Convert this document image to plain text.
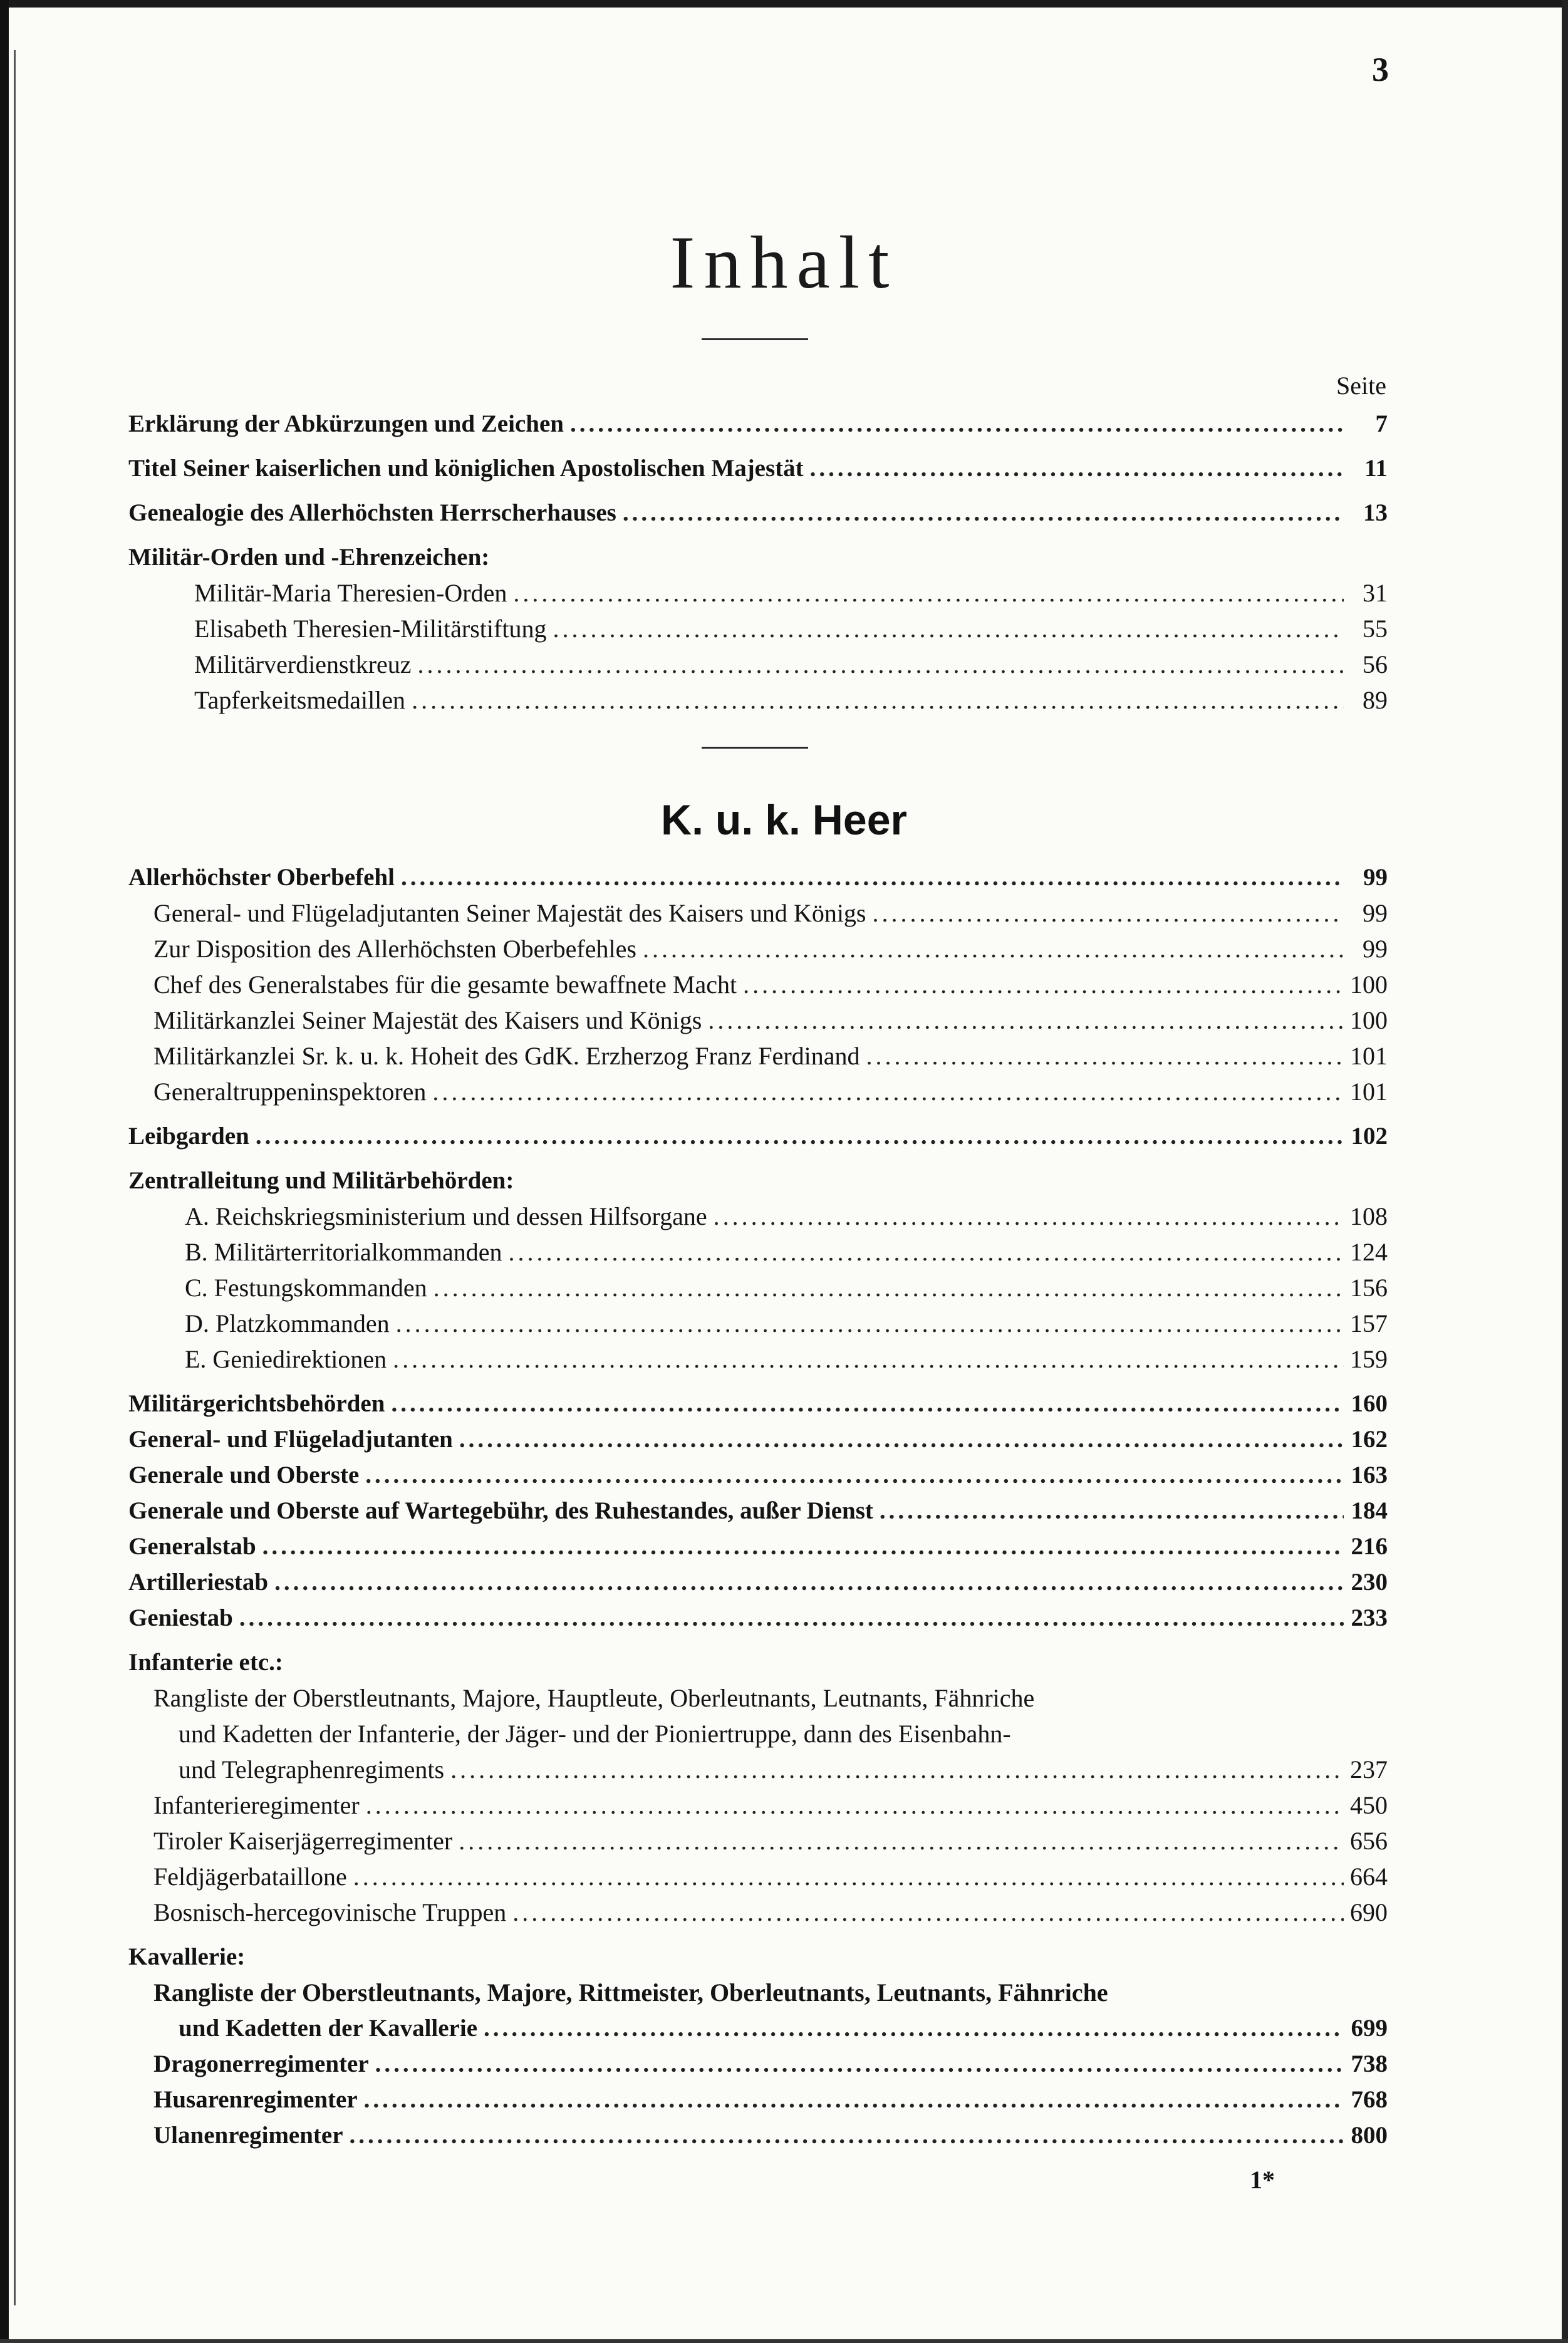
3
Inhalt
Seite
Erklärung der Abkürzungen und Zeichen .....	7
Titel Seiner kaiserlichen und königlichen Apostolischen Majestät .....	11
Genealogie des Allerhöchsten Herrscherhauses .....	13
Militär-Orden und -Ehrenzeichen:
Militär-Maria Theresien-Orden .....	31
Elisabeth Theresien-Militärstiftung .....	55
Militärverdienstkreuz .....	56
Tapferkeitsmedaillen .....	89
K. u. k. Heer
Allerhöchster Oberbefehl .....	99
General- und Flügeladjutanten Seiner Majestät des Kaisers und Königs .....	99
Zur Disposition des Allerhöchsten Oberbefehles .....	99
Chef des Generalstabes für die gesamte bewaffnete Macht .....	100
Militärkanzlei Seiner Majestät des Kaisers und Königs .....	100
Militärkanzlei Sr. k. u. k. Hoheit des GdK. Erzherzog Franz Ferdinand .....	101
Generaltruppeninspektoren .....	101
Leibgarden .....	102
Zentralleitung und Militärbehörden:
A. Reichskriegsministerium und dessen Hilfsorgane .....	108
B. Militärterritorialkommanden .....	124
C. Festungskommanden .....	156
D. Platzkommanden .....	157
E. Geniedirektionen .....	159
Militärgerichtsbehörden .....	160
General- und Flügeladjutanten .....	162
Generale und Oberste .....	163
Generale und Oberste auf Wartegebühr, des Ruhestandes, außer Dienst .....	184
Generalstab .....	216
Artilleriestab .....	230
Geniestab .....	233
Infanterie etc.:
Rangliste der Oberstleutnants, Majore, Hauptleute, Oberleutnants, Leutnants, Fähnriche
und Kadetten der Infanterie, der Jäger- und der Pioniertruppe, dann des Eisenbahn-
und Telegraphenregiments .....	237
Infanterieregimenter .....	450
Tiroler Kaiserjägerregimenter .....	656
Feldjägerbataillone .....	664
Bosnisch-hercegovinische Truppen .....	690
Kavallerie:
Rangliste der Oberstleutnants, Majore, Rittmeister, Oberleutnants, Leutnants, Fähnriche
und Kadetten der Kavallerie .....	699
Dragonerregimenter .....	738
Husarenregimenter .....	768
Ulanenregimenter .....	800
1*
